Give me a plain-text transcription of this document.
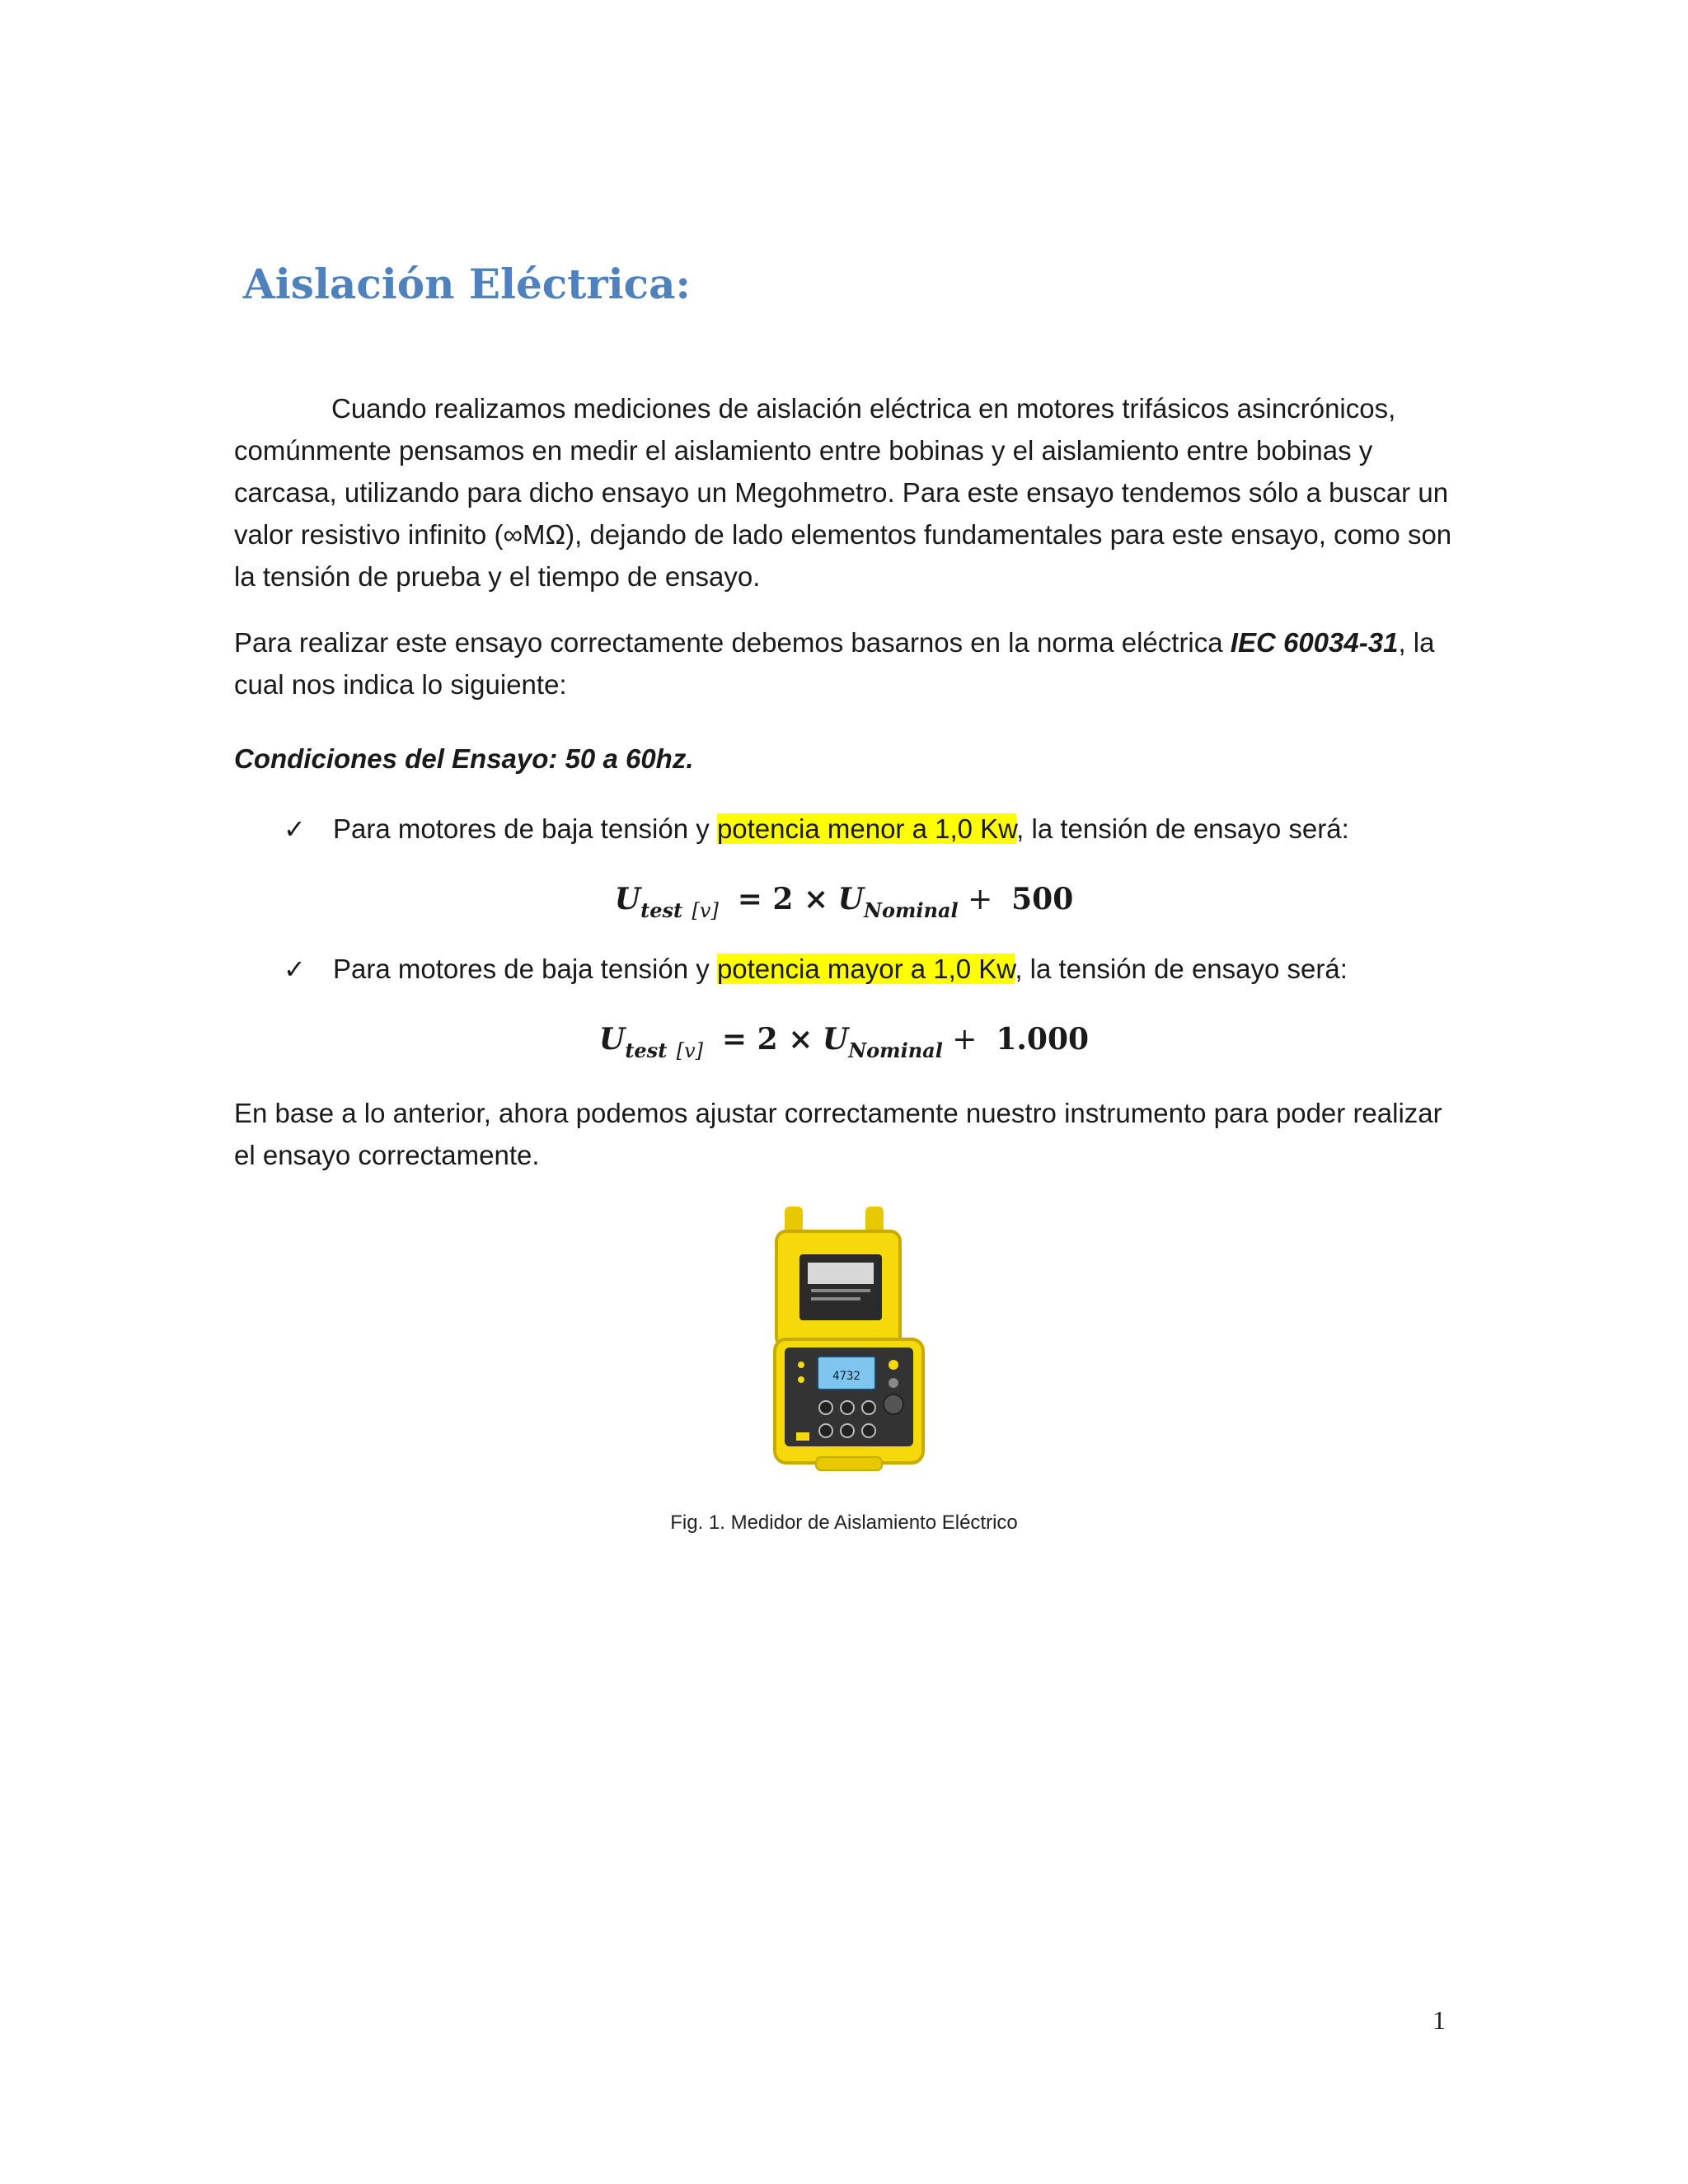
Aislación Eléctrica:

Cuando realizamos mediciones de aislación eléctrica en motores trifásicos asincrónicos, comúnmente pensamos en medir el aislamiento entre bobinas y el aislamiento entre bobinas y carcasa, utilizando para dicho ensayo un Megohmetro. Para este ensayo tendemos sólo a buscar un valor resistivo infinito (∞MΩ), dejando de lado elementos fundamentales para este ensayo, como son la tensión de prueba y el tiempo de ensayo.

Para realizar este ensayo correctamente debemos basarnos en la norma eléctrica IEC 60034-31, la cual nos indica lo siguiente:

Condiciones del Ensayo: 50 a 60hz.

✓ Para motores de baja tensión y potencia menor a 1,0 Kw, la tensión de ensayo será:

$U_{test}$ $_{[v]} = 2 \times U_{Nominal} + 500$

✓ Para motores de baja tensión y potencia mayor a 1,0 Kw, la tensión de ensayo será:

$U_{test}$ $_{[v]} = 2 \times U_{Nominal} + 1.000$

En base a lo anterior, ahora podemos ajustar correctamente nuestro instrumento para poder realizar el ensayo correctamente.

4732
Fig. 1. Medidor de Aislamiento Eléctrico
1
